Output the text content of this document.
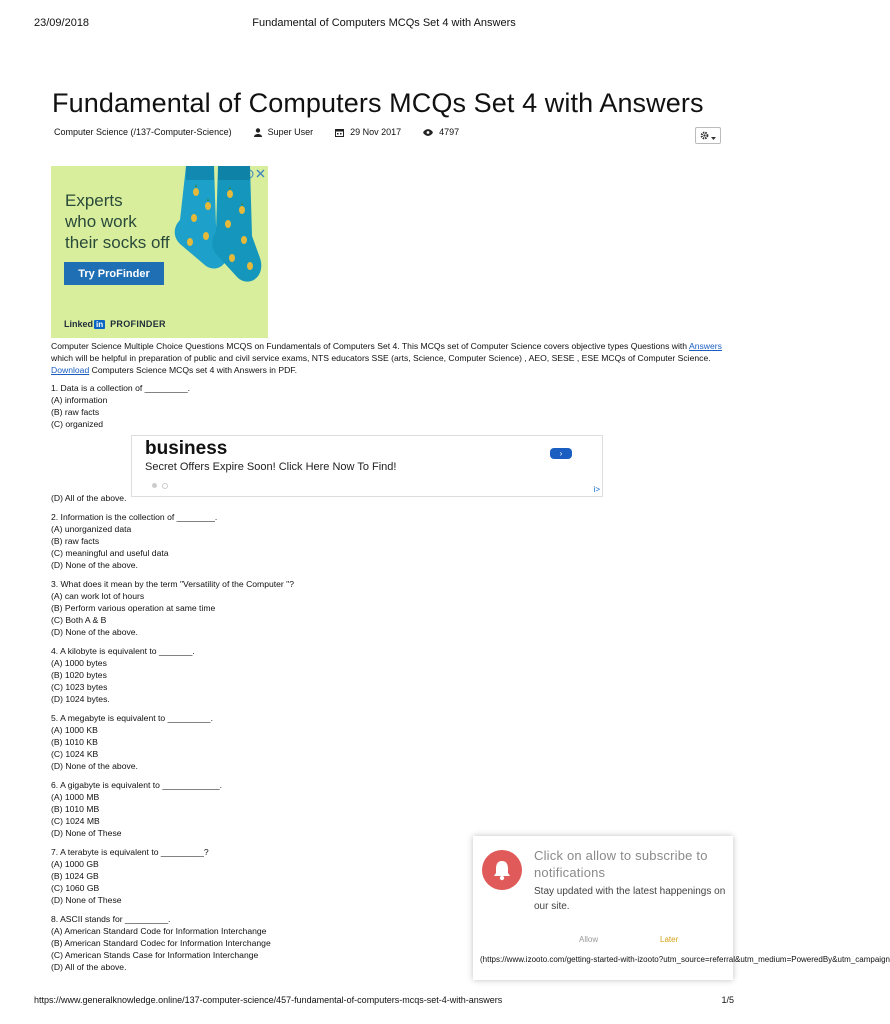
23/09/2018	Fundamental of Computers MCQs Set 4 with Answers
Fundamental of Computers MCQs Set 4 with Answers
Computer Science (/137-Computer-Science)	Super User	29 Nov 2017	4797
Experts
who work
their socks off
Try ProFinder
Linked in PROFINDER

Computer Science Multiple Choice Questions MCQS on Fundamentals of Computers Set 4. This MCQs set of Computer Science covers objective types Questions with Answers which will be helpful in preparation of public and civil service exams, NTS educators SSE (arts, Science, Computer Science) , AEO, SESE , ESE MCQs of Computer Science. Download Computers Science MCQs set 4 with Answers in PDF.

1. Data is a collection of _________.
(A) information
(B) raw facts
(C) organized
business
Secret Offers Expire Soon! Click Here Now To Find!
›
i>
(D) All of the above.
2. Information is the collection of ________.
(A) unorganized data
(B) raw facts
(C) meaningful and useful data
(D) None of the above.
3. What does it mean by the term "Versatility of the Computer "?
(A) can work lot of hours
(B) Perform various operation at same time
(C) Both A & B
(D) None of the above.
4. A kilobyte is equivalent to _______.
(A) 1000 bytes
(B) 1020 bytes
(C) 1023 bytes
(D) 1024 bytes.
5. A megabyte is equivalent to _________.
(A) 1000 KB
(B) 1010 KB
(C) 1024 KB
(D) None of the above.
6. A gigabyte is equivalent to ____________.
(A) 1000 MB
(B) 1010 MB
(C) 1024 MB
(D) None of These
7. A terabyte is equivalent to _________?
(A) 1000 GB
(B) 1024 GB
(C) 1060 GB
(D) None of These
8. ASCII stands for _________.
(A) American Standard Code for Information Interchange
(B) American Standard Codec for Information Interchange
(C) American Stands Case for Information Interchange
(D) All of the above.
Click on allow to subscribe to notifications
Stay updated with the latest happenings on our site.
Allow	Later
(https://www.izooto.com/getting-started-with-izooto?utm_source=referral&utm_medium=PoweredBy&utm_campaign
https://www.generalknowledge.online/137-computer-science/457-fundamental-of-computers-mcqs-set-4-with-answers	1/5
